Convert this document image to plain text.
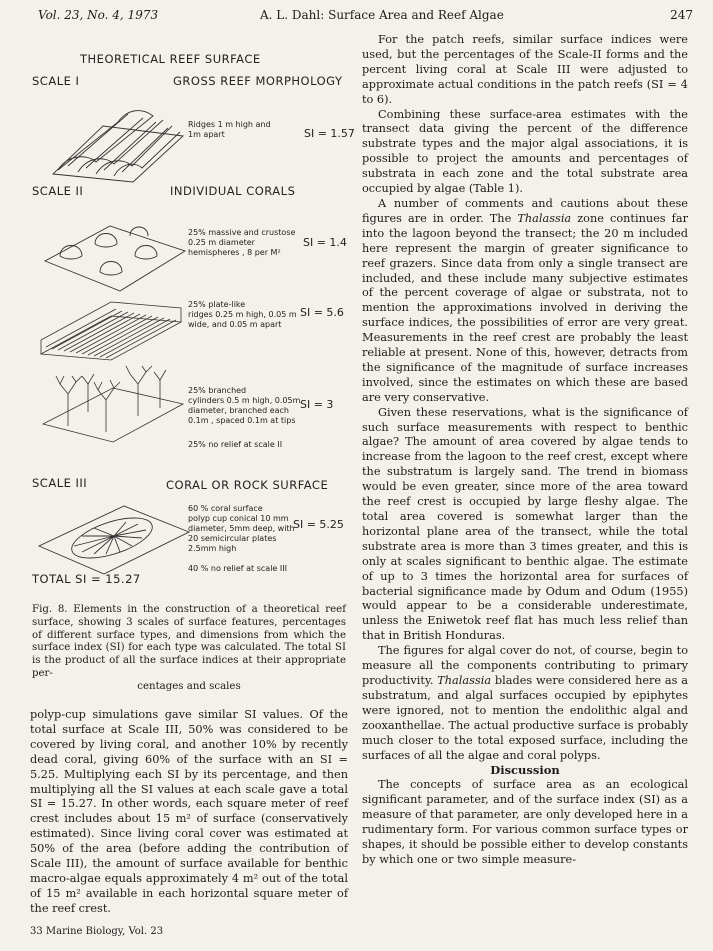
Vol. 23, No. 4, 1973	A. L. Dahl: Surface Area and Reef Algae	247
THEORETICAL REEF SURFACE
SCALE I	GROSS REEF MORPHOLOGY
Ridges 1 m high and
1m apart	SI = 1.57
SCALE II	INDIVIDUAL CORALS
25% massive and crustose
0.25 m diameter
hemispheres , 8 per M²
SI = 1.4
25% plate-like
ridges 0.25 m high, 0.05 m
wide, and 0.05 m apart
SI = 5.6
25% branched
cylinders 0.5 m high, 0.05m
diameter, branched each
0.1m , spaced 0.1m at tips
SI = 3
25% no relief at scale II
SCALE III	CORAL OR ROCK SURFACE
60 % coral surface
polyp cup conical 10 mm
diameter, 5mm deep, with
20 semicircular plates
2.5mm high
SI = 5.25
40 % no relief at scale III
TOTAL SI = 15.27
Fig. 8. Elements in the construction of a theoretical reef surface, showing 3 scales of surface features, percentages of different surface types, and dimensions from which the surface index (SI) for each type was calculated. The total SI is the product of all the surface indices at their appropriate per-
centages and scales

polyp-cup simulations gave similar SI values. Of the total surface at Scale III, 50% was considered to be covered by living coral, and another 10% by recently dead coral, giving 60% of the surface with an SI = 5.25. Multiplying each SI by its percentage, and then multiplying all the SI values at each scale gave a total SI = 15.27. In other words, each square meter of reef crest includes about 15 m² of surface (conservatively estimated). Since living coral cover was estimated at 50% of the area (before adding the contribution of Scale III), the amount of surface available for benthic macro-algae equals approximately 4 m² out of the total of 15 m² available in each horizontal square meter of the reef crest.

For the patch reefs, similar surface indices were used, but the percentages of the Scale-II forms and the percent living coral at Scale III were adjusted to approximate actual conditions in the patch reefs (SI = 4 to 6).

Combining these surface-area estimates with the transect data giving the percent of the difference substrate types and the major algal associations, it is possible to project the amounts and percentages of substrata in each zone and the total substrate area occupied by algae (Table 1).

A number of comments and cautions about these figures are in order. The Thalassia zone continues far into the lagoon beyond the transect; the 20 m included here represent the margin of greater significance to reef grazers. Since data from only a single transect are included, and these include many subjective estimates of the percent coverage of algae or substrata, not to mention the approximations involved in deriving the surface indices, the possibilities of error are very great. Measurements in the reef crest are probably the least reliable at present. None of this, however, detracts from the significance of the magnitude of surface increases involved, since the estimates on which these are based are very conservative.

Given these reservations, what is the significance of such surface measurements with respect to benthic algae? The amount of area covered by algae tends to increase from the lagoon to the reef crest, except where the substratum is largely sand. The trend in biomass would be even greater, since more of the area toward the reef crest is occupied by large fleshy algae. The total area covered is somewhat larger than the horizontal plane area of the transect, while the total substrate area is more than 3 times greater, and this is only at scales significant to benthic algae. The estimate of up to 3 times the horizontal area for surfaces of bacterial significance made by Odum and Odum (1955) would appear to be a considerable underestimate, unless the Eniwetok reef flat has much less relief than that in British Honduras.

The figures for algal cover do not, of course, begin to measure all the components contributing to primary productivity. Thalassia blades were considered here as a substratum, and algal surfaces occupied by epiphytes were ignored, not to mention the endolithic algal and zooxanthellae. The actual productive surface is probably much closer to the total exposed surface, including the surfaces of all the algae and coral polyps.

Discussion

The concepts of surface area as an ecological significant parameter, and of the surface index (SI) as a measure of that parameter, are only developed here in a rudimentary form. For various common surface types or shapes, it should be possible either to develop constants by which one or two simple measure-

33 Marine Biology, Vol. 23
